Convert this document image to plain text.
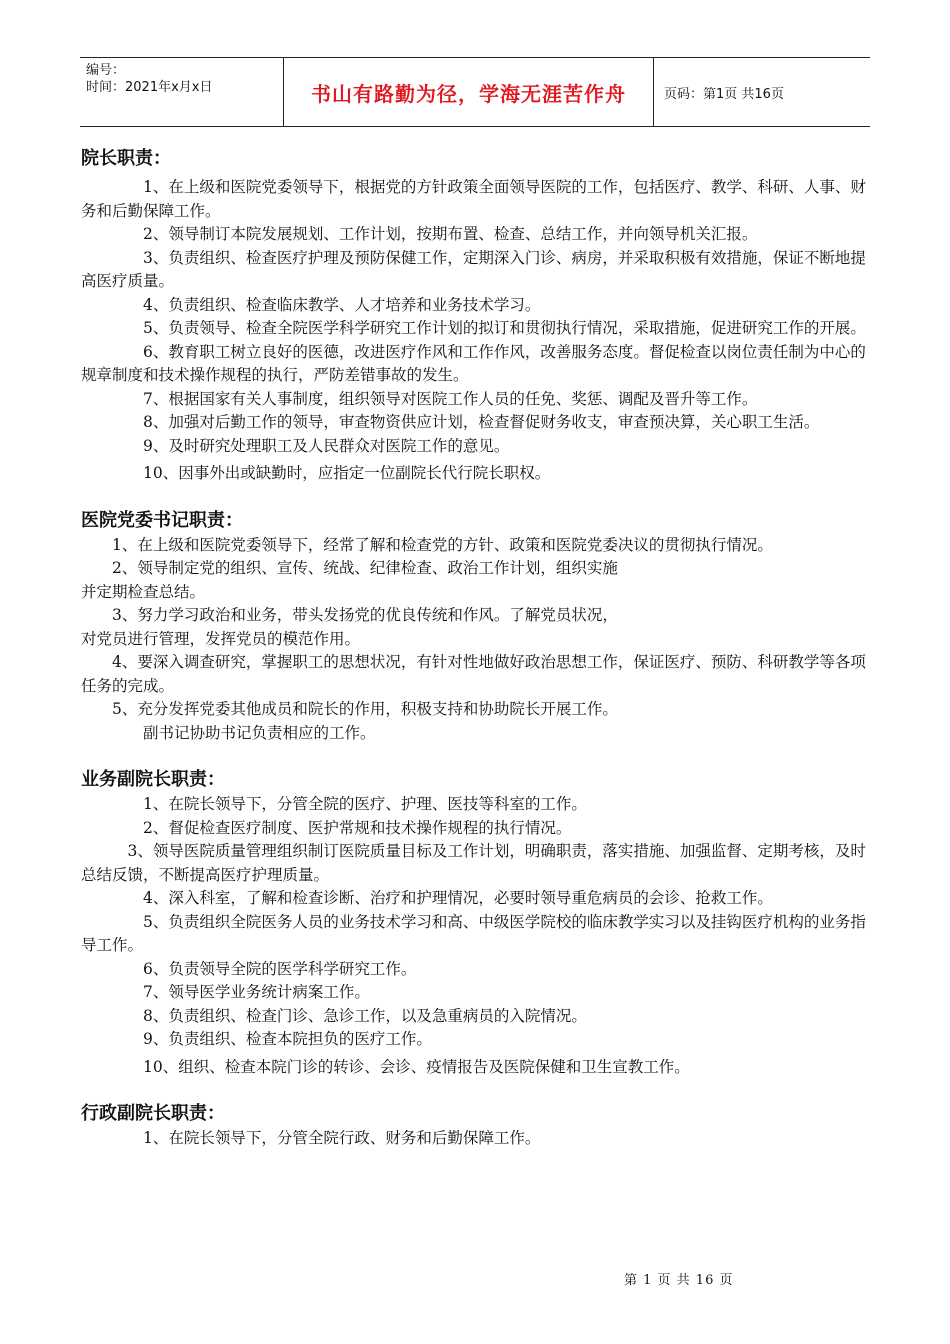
编号：
时间：2021年x月x日	书山有路勤为径，学海无涯苦作舟	页码：第1页 共16页
院长职责：

1、在上级和医院党委领导下，根据党的方针政策全面领导医院的工作，包括医疗、教学、科研、人事、财务和后勤保障工作。

2、领导制订本院发展规划、工作计划，按期布置、检查、总结工作，并向领导机关汇报。

3、负责组织、检查医疗护理及预防保健工作，定期深入门诊、病房，并采取积极有效措施，保证不断地提高医疗质量。

4、负责组织、检查临床教学、人才培养和业务技术学习。

5、负责领导、检查全院医学科学研究工作计划的拟订和贯彻执行情况，采取措施，促进研究工作的开展。

6、教育职工树立良好的医德，改进医疗作风和工作作风，改善服务态度。督促检查以岗位责任制为中心的规章制度和技术操作规程的执行，严防差错事故的发生。

7、根据国家有关人事制度，组织领导对医院工作人员的任免、奖惩、调配及晋升等工作。

8、加强对后勤工作的领导，审查物资供应计划，检查督促财务收支，审查预决算，关心职工生活。

9、及时研究处理职工及人民群众对医院工作的意见。

10、因事外出或缺勤时，应指定一位副院长代行院长职权。

医院党委书记职责：

1、在上级和医院党委领导下，经常了解和检查党的方针、政策和医院党委决议的贯彻执行情况。

2、领导制定党的组织、宣传、统战、纪律检查、政治工作计划，组织实施

并定期检查总结。

3、努力学习政治和业务，带头发扬党的优良传统和作风。了解党员状况，

对党员进行管理，发挥党员的模范作用。

4、要深入调查研究，掌握职工的思想状况，有针对性地做好政治思想工作，保证医疗、预防、科研教学等各项任务的完成。

5、充分发挥党委其他成员和院长的作用，积极支持和协助院长开展工作。

副书记协助书记负责相应的工作。

业务副院长职责：

1、在院长领导下，分管全院的医疗、护理、医技等科室的工作。

2、督促检查医疗制度、医护常规和技术操作规程的执行情况。

3、领导医院质量管理组织制订医院质量目标及工作计划，明确职责，落实措施、加强监督、定期考核，及时总结反馈，不断提高医疗护理质量。

4、深入科室，了解和检查诊断、治疗和护理情况，必要时领导重危病员的会诊、抢救工作。

5、负责组织全院医务人员的业务技术学习和高、中级医学院校的临床教学实习以及挂钩医疗机构的业务指导工作。

6、负责领导全院的医学科学研究工作。

7、领导医学业务统计病案工作。

8、负责组织、检查门诊、急诊工作，以及急重病员的入院情况。

9、负责组织、检查本院担负的医疗工作。

10、组织、检查本院门诊的转诊、会诊、疫情报告及医院保健和卫生宣教工作。

行政副院长职责：

1、在院长领导下，分管全院行政、财务和后勤保障工作。

第 1 页 共 16 页
